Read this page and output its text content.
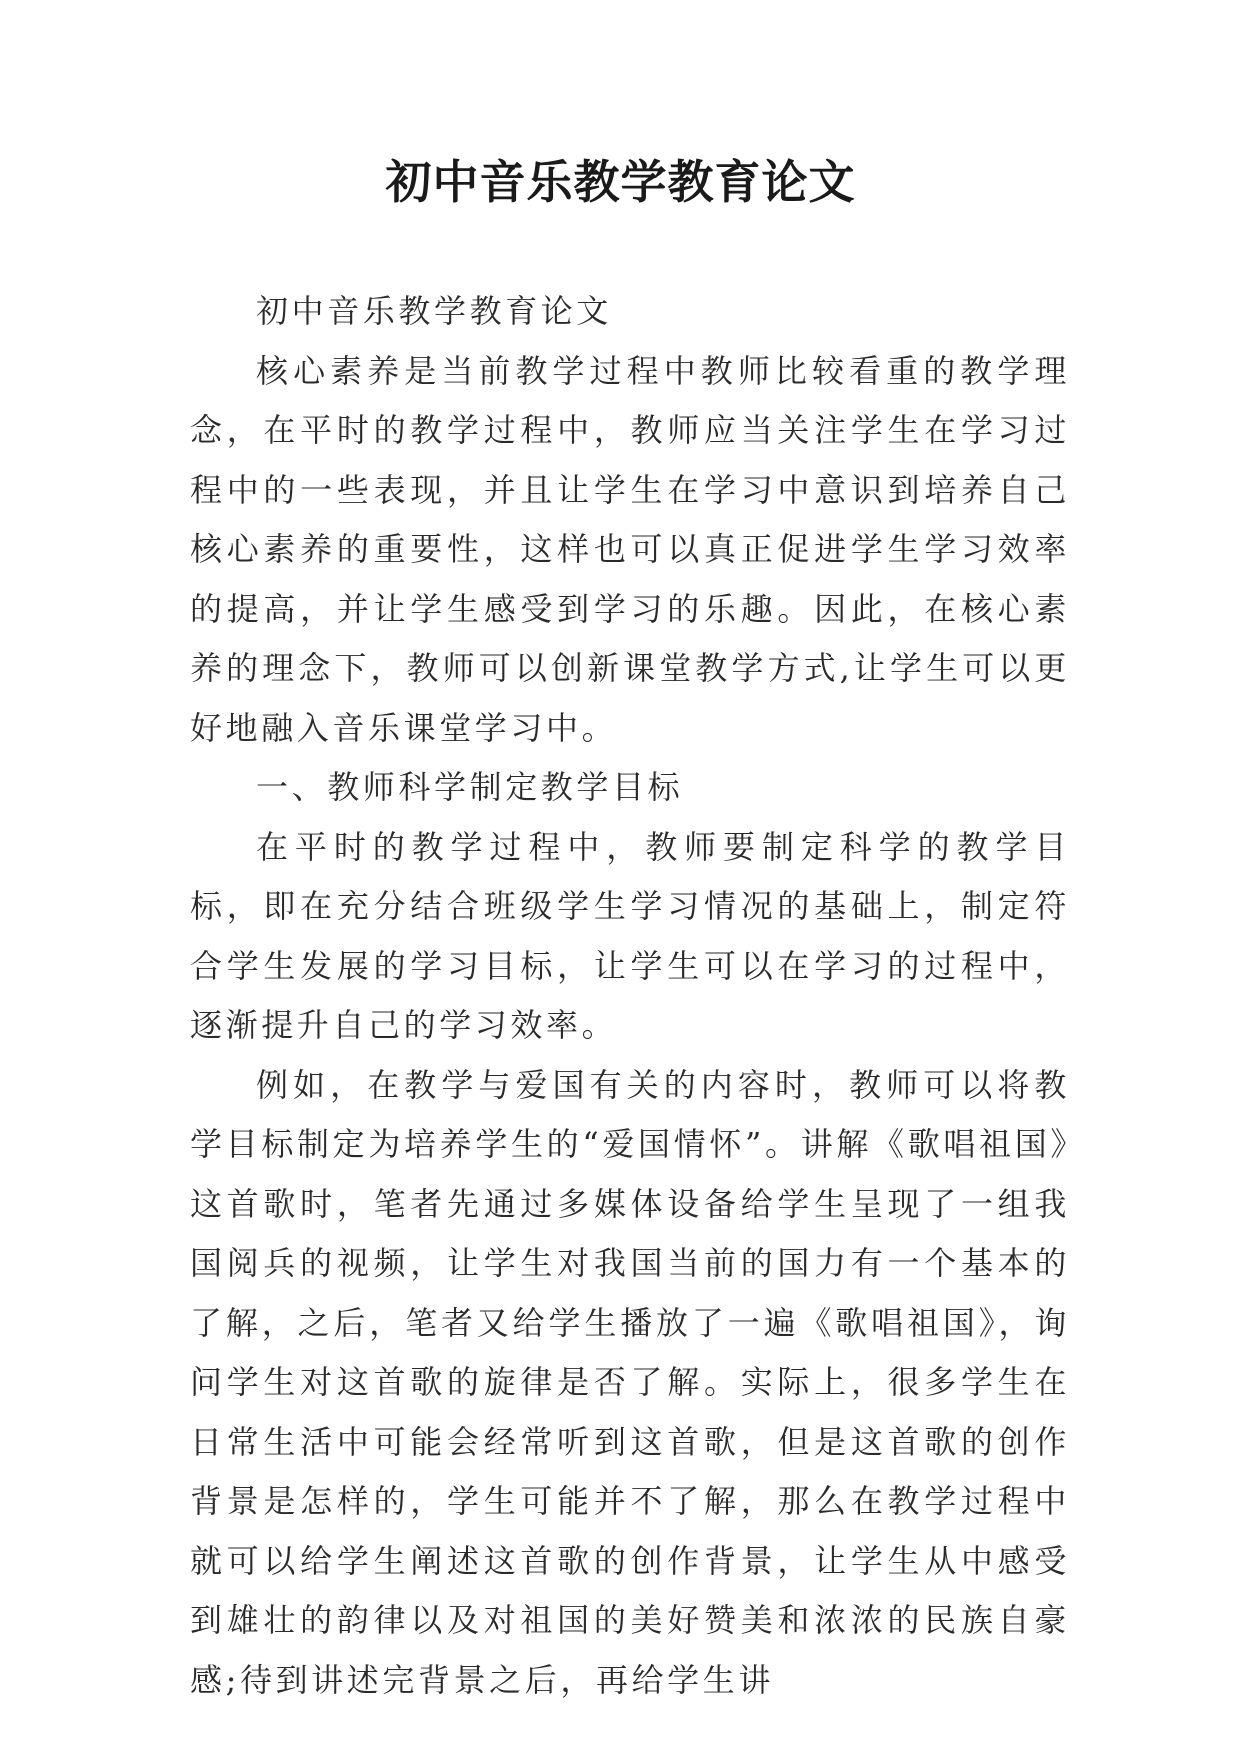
初中音乐教学教育论文

初中音乐教学教育论文

核心素养是当前教学过程中教师比较看重的教学理念，在平时的教学过程中，教师应当关注学生在学习过程中的一些表现，并且让学生在学习中意识到培养自己核心素养的重要性，这样也可以真正促进学生学习效率的提高，并让学生感受到学习的乐趣。因此，在核心素养的理念下，教师可以创新课堂教学方式,让学生可以更好地融入音乐课堂学习中。

一、教师科学制定教学目标

在平时的教学过程中，教师要制定科学的教学目标，即在充分结合班级学生学习情况的基础上，制定符合学生发展的学习目标，让学生可以在学习的过程中，逐渐提升自己的学习效率。

例如，在教学与爱国有关的内容时，教师可以将教学目标制定为培养学生的“爱国情怀”。讲解《歌唱祖国》这首歌时，笔者先通过多媒体设备给学生呈现了一组我国阅兵的视频，让学生对我国当前的国力有一个基本的了解，之后，笔者又给学生播放了一遍《歌唱祖国》，询问学生对这首歌的旋律是否了解。实际上，很多学生在日常生活中可能会经常听到这首歌，但是这首歌的创作背景是怎样的，学生可能并不了解，那么在教学过程中就可以给学生阐述这首歌的创作背景，让学生从中感受到雄壮的韵律以及对祖国的美好赞美和浓浓的民族自豪感;待到讲述完背景之后，再给学生讲
